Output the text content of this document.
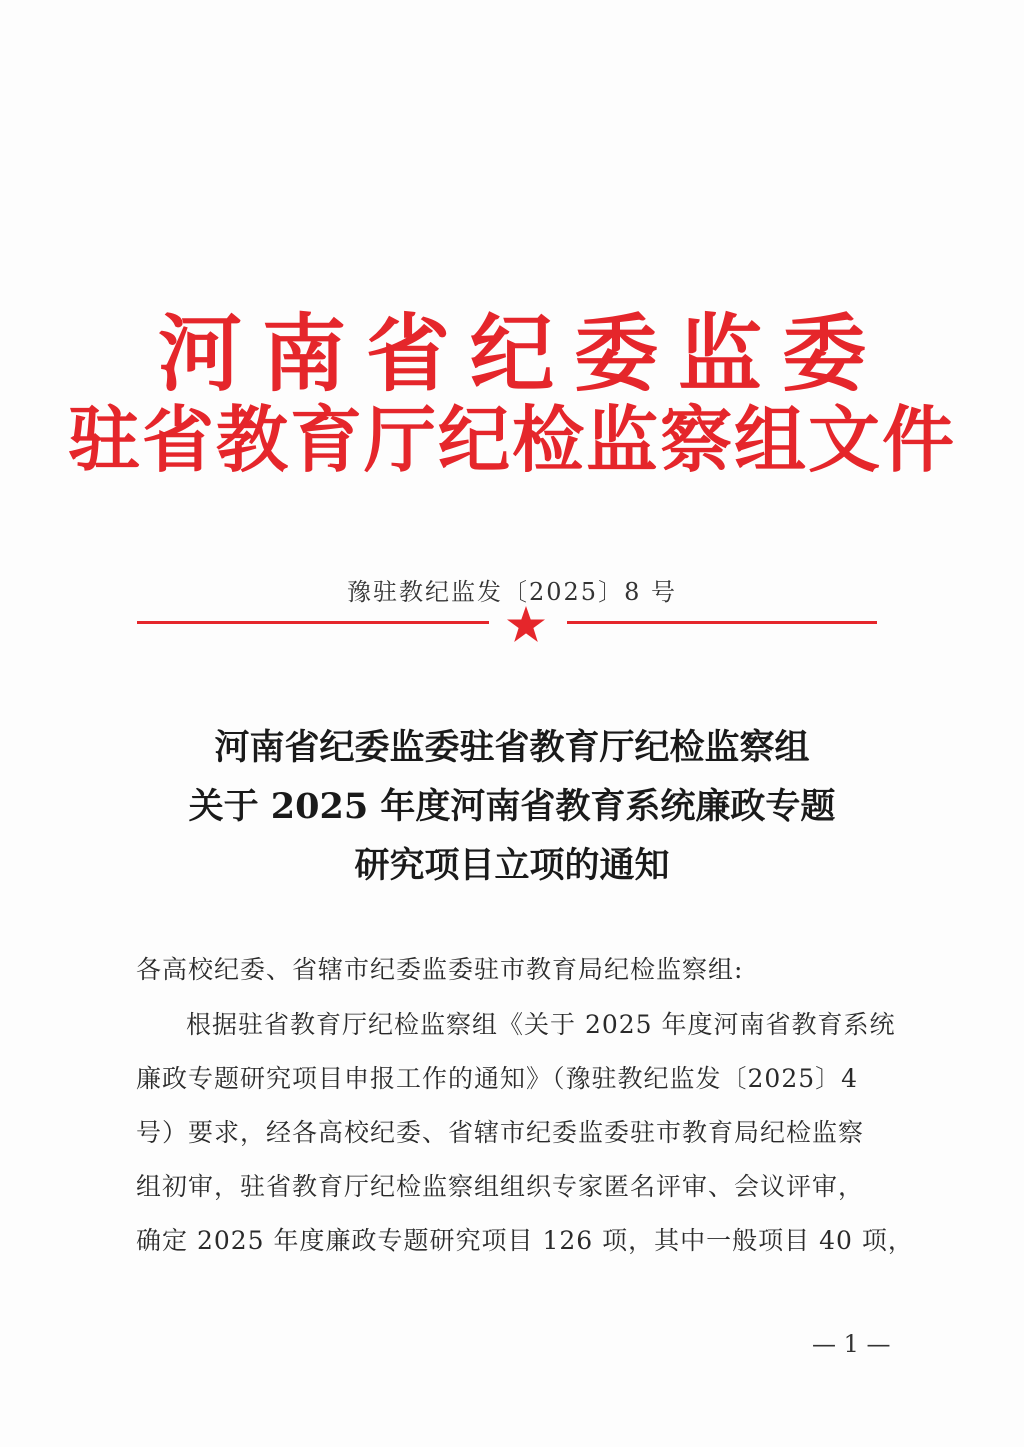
河南省纪委监委
驻省教育厅纪检监察组文件
豫驻教纪监发〔2025〕8 号
河南省纪委监委驻省教育厅纪检监察组
关于 2025 年度河南省教育系统廉政专题
研究项目立项的通知
各高校纪委、省辖市纪委监委驻市教育局纪检监察组:
根据驻省教育厅纪检监察组《关于 2025 年度河南省教育系统
廉政专题研究项目申报工作的通知》（豫驻教纪监发〔2025〕4
号）要求，经各高校纪委、省辖市纪委监委驻市教育局纪检监察
组初审，驻省教育厅纪检监察组组织专家匿名评审、会议评审，
确定 2025 年度廉政专题研究项目 126 项，其中一般项目 40 项，
— 1 —
